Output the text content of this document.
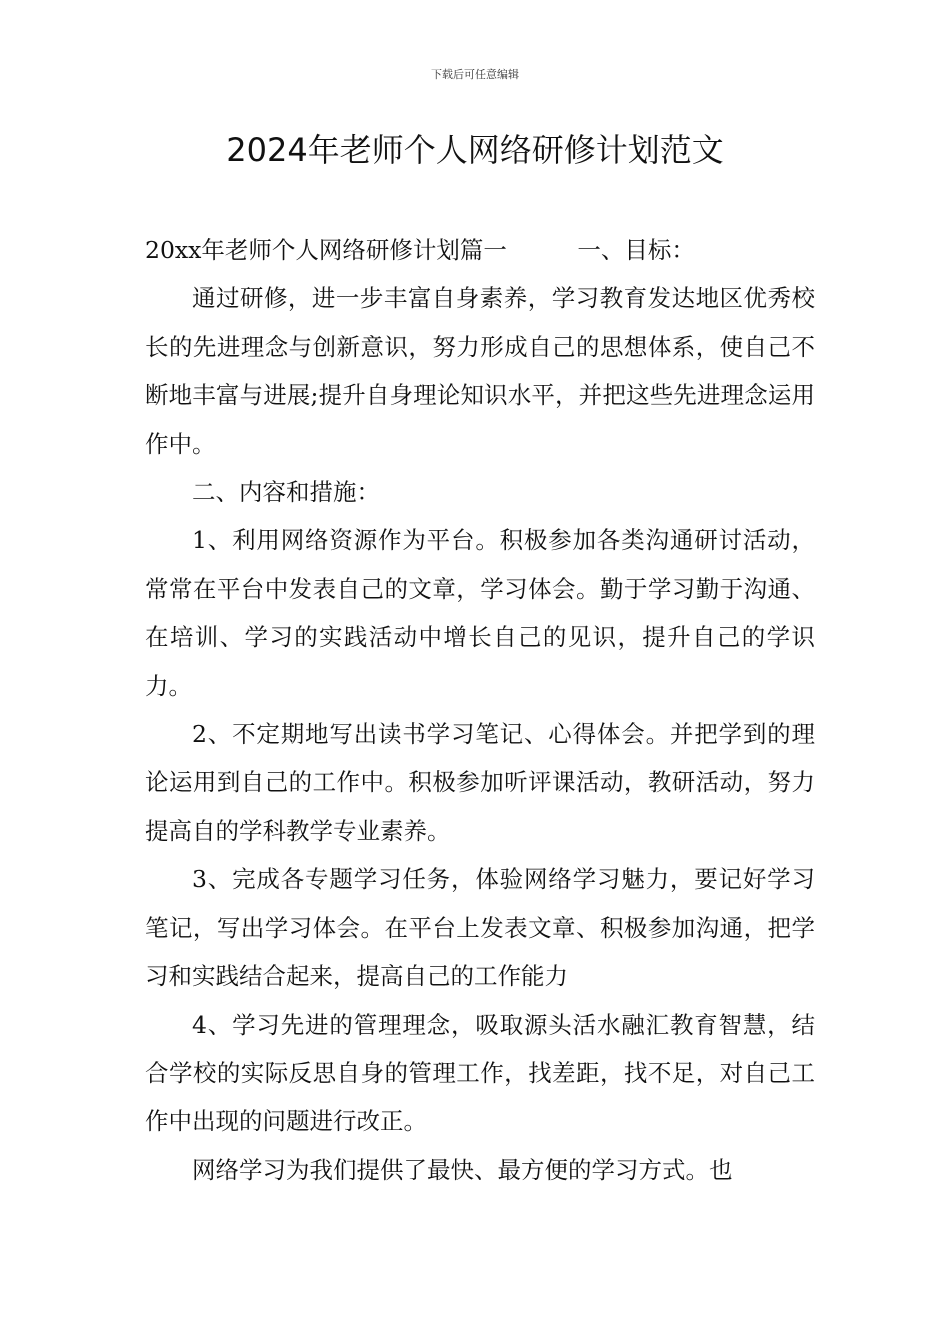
下载后可任意编辑
2024年老师个人网络研修计划范文

20xx年老师个人网络研修计划篇一　　　一、目标：

通过研修，进一步丰富自身素养，学习教育发达地区优秀校长的先进理念与创新意识，努力形成自己的思想体系，使自己不断地丰富与进展;提升自身理论知识水平，并把这些先进理念运用作中。

二、内容和措施：

1、利用网络资源作为平台。积极参加各类沟通研讨活动，常常在平台中发表自己的文章，学习体会。勤于学习勤于沟通、在培训、学习的实践活动中增长自己的见识，提升自己的学识力。

2、不定期地写出读书学习笔记、心得体会。并把学到的理论运用到自己的工作中。积极参加听评课活动，教研活动，努力提高自的学科教学专业素养。

3、完成各专题学习任务，体验网络学习魅力，要记好学习笔记，写出学习体会。在平台上发表文章、积极参加沟通，把学习和实践结合起来，提高自己的工作能力

4、学习先进的管理理念，吸取源头活水融汇教育智慧，结合学校的实际反思自身的管理工作，找差距，找不足，对自己工作中出现的问题进行改正。

网络学习为我们提供了最快、最方便的学习方式。也
